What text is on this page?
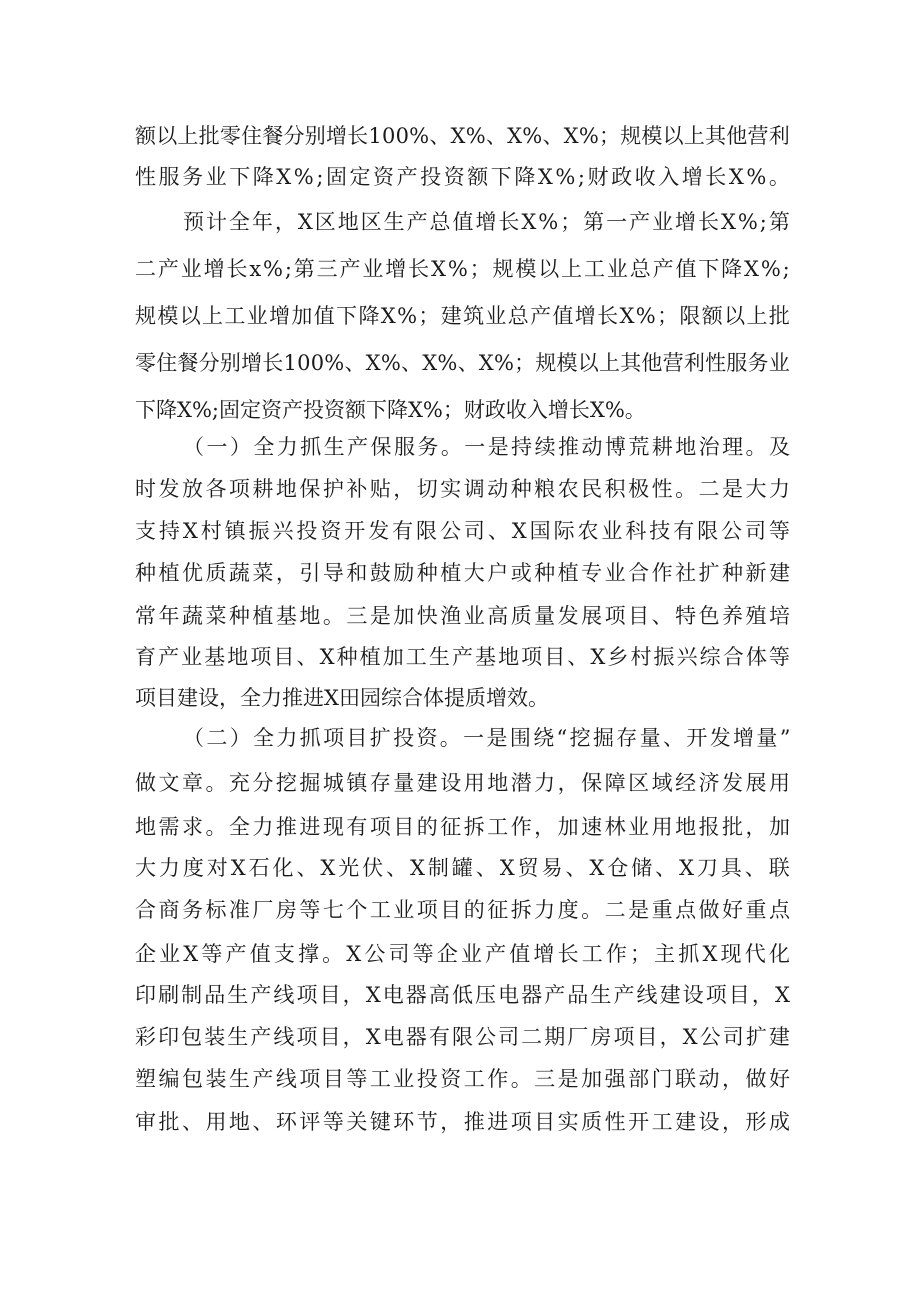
额以上批零住餐分别增长100%、X%、X%、X%；规模以上其他营利
性服务业下降X%;固定资产投资额下降X%;财政收入增长X%。
预计全年，X区地区生产总值增长X%；第一产业增长X%;第
二产业增长x%;第三产业增长X%；规模以上工业总产值下降X%;
规模以上工业增加值下降X%；建筑业总产值增长X%；限额以上批
零住餐分别增长100%、X%、X%、X%；规模以上其他营利性服务业
下降X%;固定资产投资额下降X%；财政收入增长X%。
（一）全力抓生产保服务。一是持续推动博荒耕地治理。及
时发放各项耕地保护补贴，切实调动种粮农民积极性。二是大力
支持X村镇振兴投资开发有限公司、X国际农业科技有限公司等
种植优质蔬菜，引导和鼓励种植大户或种植专业合作社扩种新建
常年蔬菜种植基地。三是加快渔业高质量发展项目、特色养殖培
育产业基地项目、X种植加工生产基地项目、X乡村振兴综合体等
项目建设，全力推进X田园综合体提质增效。
（二）全力抓项目扩投资。一是围绕“挖掘存量、开发增量”
做文章。充分挖掘城镇存量建设用地潜力，保障区域经济发展用
地需求。全力推进现有项目的征拆工作，加速林业用地报批，加
大力度对X石化、X光伏、X制罐、X贸易、X仓储、X刀具、联
合商务标准厂房等七个工业项目的征拆力度。二是重点做好重点
企业X等产值支撑。X公司等企业产值增长工作；主抓X现代化
印刷制品生产线项目，X电器高低压电器产品生产线建设项目，X
彩印包装生产线项目，X电器有限公司二期厂房项目，X公司扩建
塑编包装生产线项目等工业投资工作。三是加强部门联动，做好
审批、用地、环评等关键环节，推进项目实质性开工建设，形成
